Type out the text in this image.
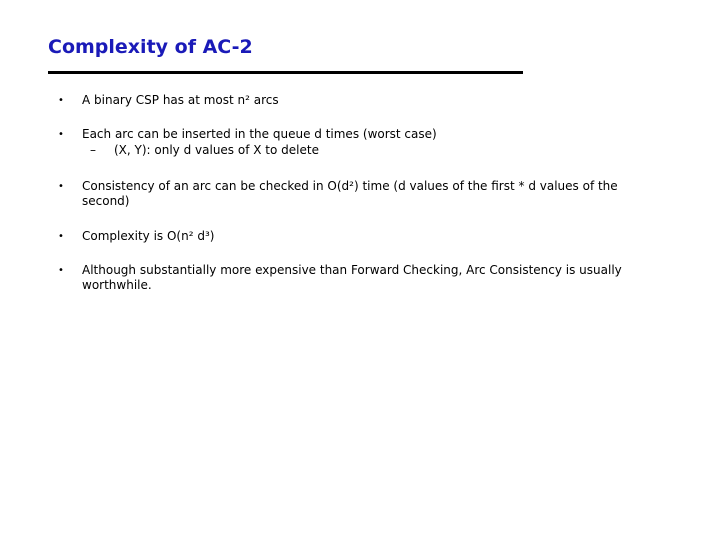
Complexity of AC-2
• A binary CSP has at most n² arcs
• Each arc can be inserted in the queue d times (worst case)
– (X, Y): only d values of X to delete
• Consistency of an arc can be checked in O(d²) time (d values of the first * d values of the second)
• Complexity is O(n² d³)
• Although substantially more expensive than Forward Checking, Arc Consistency is usually worthwhile.
